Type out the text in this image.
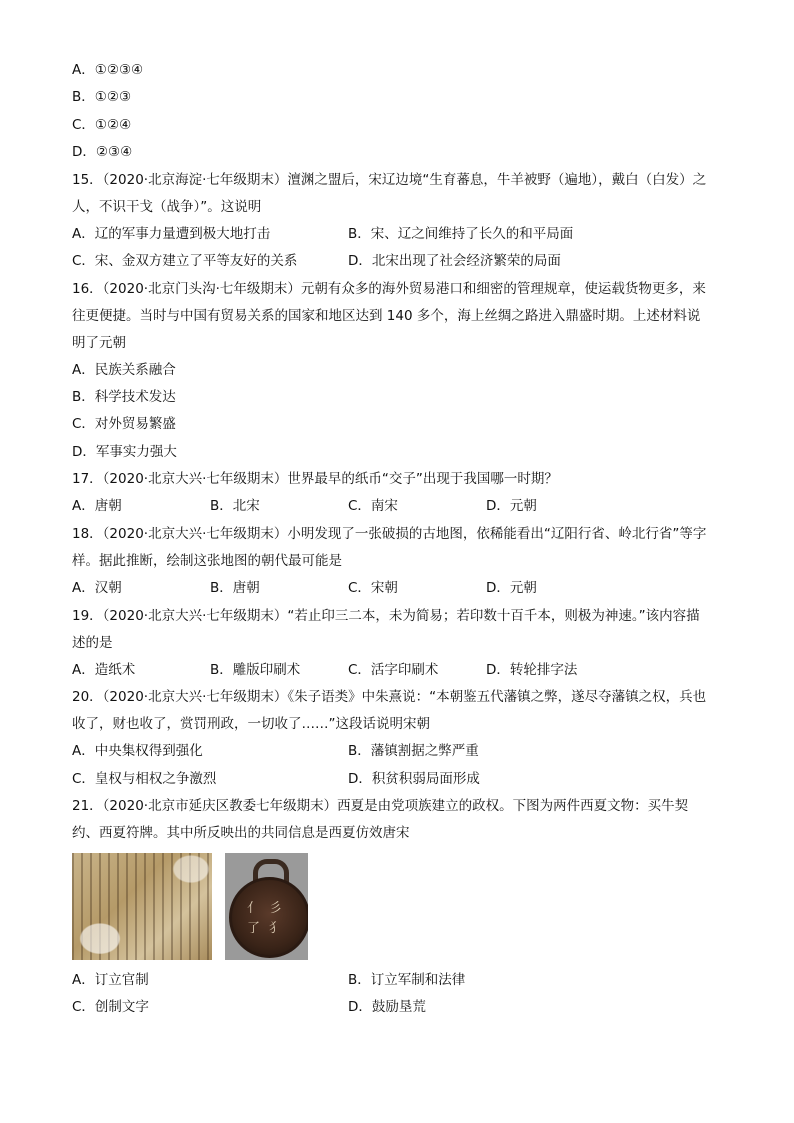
A．①②③④
B．①②③
C．①②④
D．②③④
15．（2020·北京海淀·七年级期末）澶渊之盟后，宋辽边境“生育蕃息，牛羊被野（遍地），戴白（白发）之
人，不识干戈（战争）”。这说明
A．辽的军事力量遭到极大地打击	B．宋、辽之间维持了长久的和平局面
C．宋、金双方建立了平等友好的关系	D．北宋出现了社会经济繁荣的局面
16．（2020·北京门头沟·七年级期末）元朝有众多的海外贸易港口和细密的管理规章，使运载货物更多，来
往更便捷。当时与中国有贸易关系的国家和地区达到 140 多个，海上丝绸之路进入鼎盛时期。上述材料说
明了元朝
A．民族关系融合
B．科学技术发达
C．对外贸易繁盛
D．军事实力强大
17．（2020·北京大兴·七年级期末）世界最早的纸币“交子”出现于我国哪一时期？
A．唐朝	B．北宋	C．南宋	D．元朝
18．（2020·北京大兴·七年级期末）小明发现了一张破损的古地图，依稀能看出“辽阳行省、岭北行省”等字
样。据此推断，绘制这张地图的朝代最可能是
A．汉朝	B．唐朝	C．宋朝	D．元朝
19．（2020·北京大兴·七年级期末）“若止印三二本，未为简易；若印数十百千本，则极为神速。”该内容描
述的是
A．造纸术	B．雕版印刷术	C．活字印刷术	D．转轮排字法
20．（2020·北京大兴·七年级期末）《朱子语类》中朱熹说：“本朝鉴五代藩镇之弊，遂尽夺藩镇之权，兵也
收了，财也收了，赏罚刑政，一切收了……”这段话说明宋朝
A．中央集权得到强化	B．藩镇割据之弊严重
C．皇权与相权之争激烈	D．积贫积弱局面形成
21．（2020·北京市延庆区教委七年级期末）西夏是由党项族建立的政权。下图为两件西夏文物：买牛契
约、西夏符牌。其中所反映出的共同信息是西夏仿效唐宋
亻 彡
了 犭
A．订立官制	B．订立军制和法律
C．创制文字	D．鼓励垦荒
